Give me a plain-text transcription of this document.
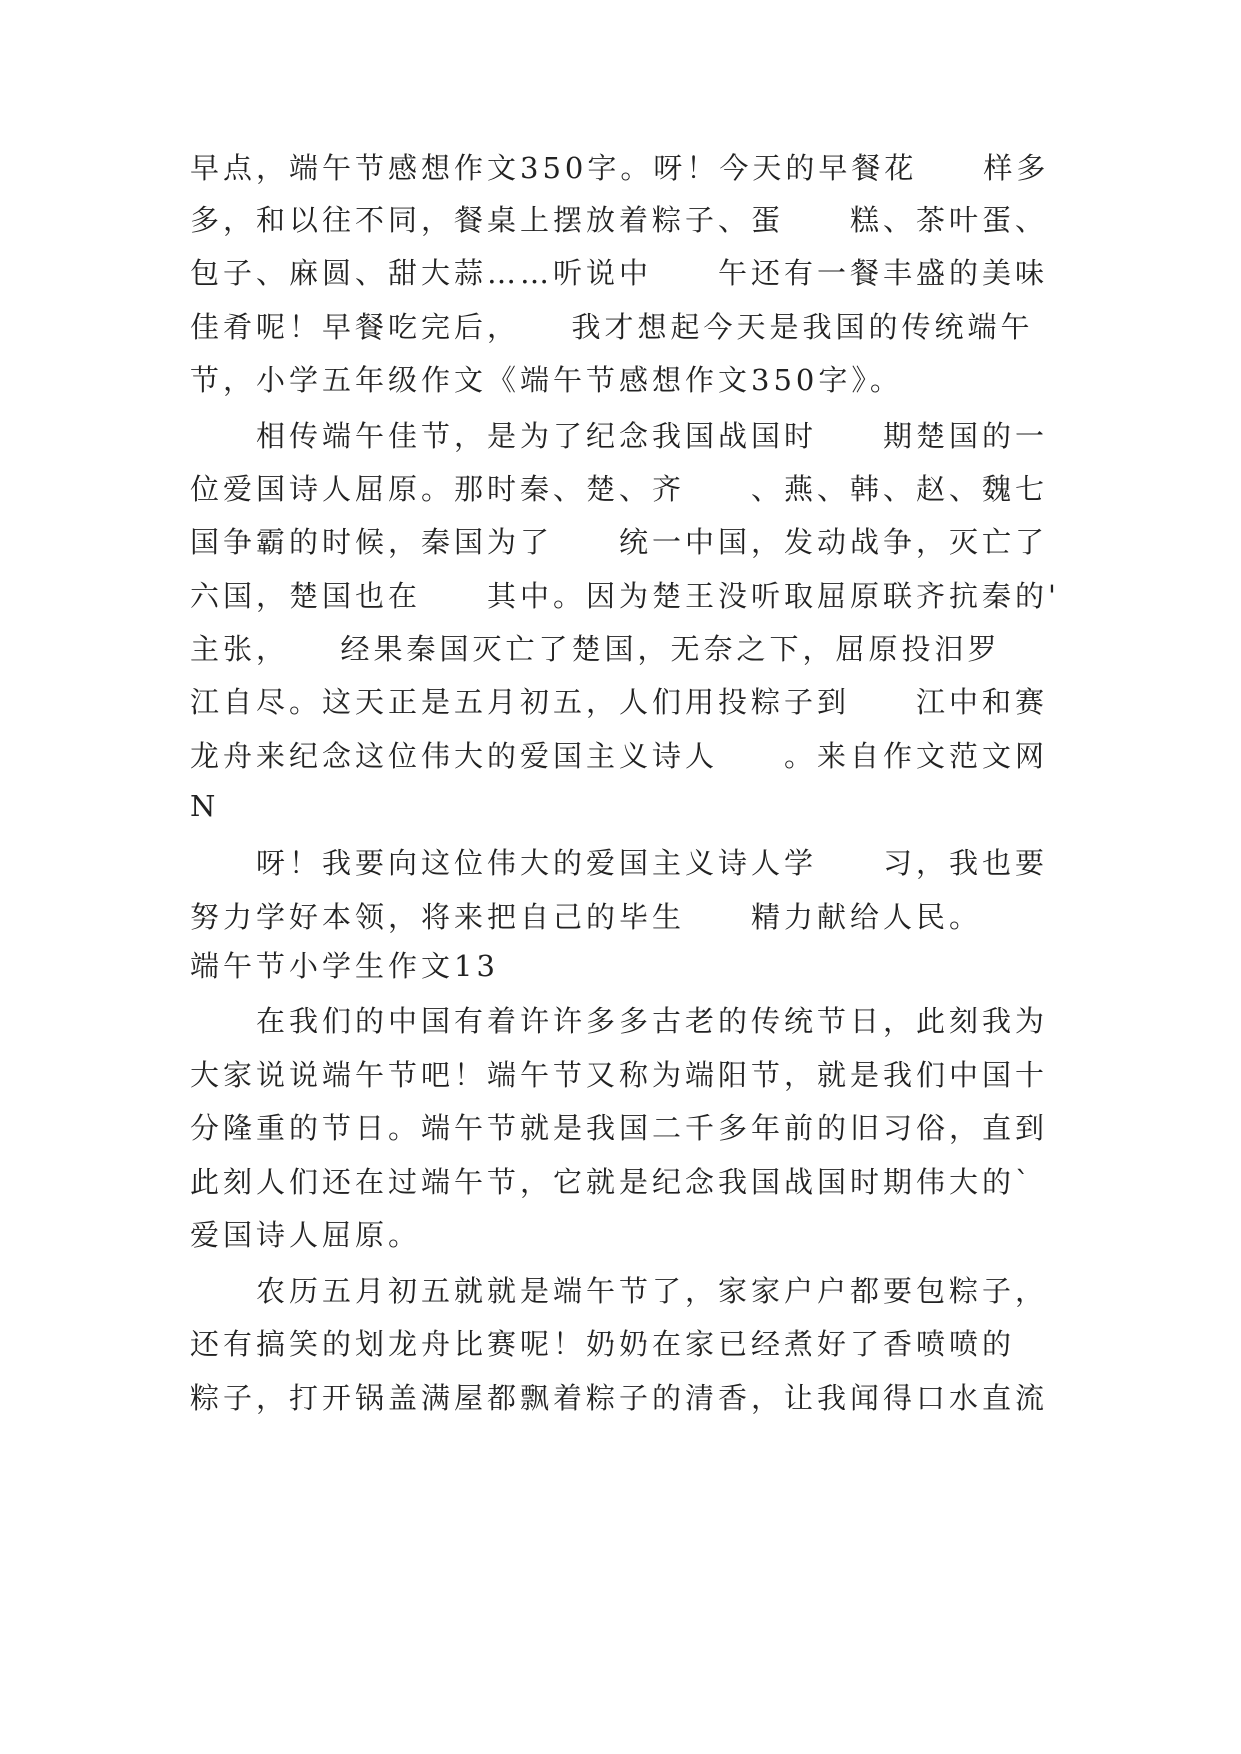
早点，端午节感想作文350字。呀！今天的早餐花　　样多
多，和以往不同，餐桌上摆放着粽子、蛋　　糕、茶叶蛋、
包子、麻圆、甜大蒜……听说中　　午还有一餐丰盛的美味
佳肴呢！早餐吃完后，　　我才想起今天是我国的传统端午
节，小学五年级作文《端午节感想作文350字》。
　　相传端午佳节，是为了纪念我国战国时　　期楚国的一
位爱国诗人屈原。那时秦、楚、齐　　、燕、韩、赵、魏七
国争霸的时候，秦国为了　　统一中国，发动战争，灭亡了
六国，楚国也在　　其中。因为楚王没听取屈原联齐抗秦的'
主张，　　经果秦国灭亡了楚国，无奈之下，屈原投汨罗
江自尽。这天正是五月初五，人们用投粽子到　　江中和赛
龙舟来纪念这位伟大的爱国主义诗人　　。来自作文范文网
N
　　呀！我要向这位伟大的爱国主义诗人学　　习，我也要
努力学好本领，将来把自己的毕生　　精力献给人民。
端午节小学生作文13
　　在我们的中国有着许许多多古老的传统节日，此刻我为
大家说说端午节吧！端午节又称为端阳节，就是我们中国十
分隆重的节日。端午节就是我国二千多年前的旧习俗，直到
此刻人们还在过端午节，它就是纪念我国战国时期伟大的`
爱国诗人屈原。
　　农历五月初五就就是端午节了，家家户户都要包粽子，
还有搞笑的划龙舟比赛呢！奶奶在家已经煮好了香喷喷的
粽子，打开锅盖满屋都飘着粽子的清香，让我闻得口水直流
